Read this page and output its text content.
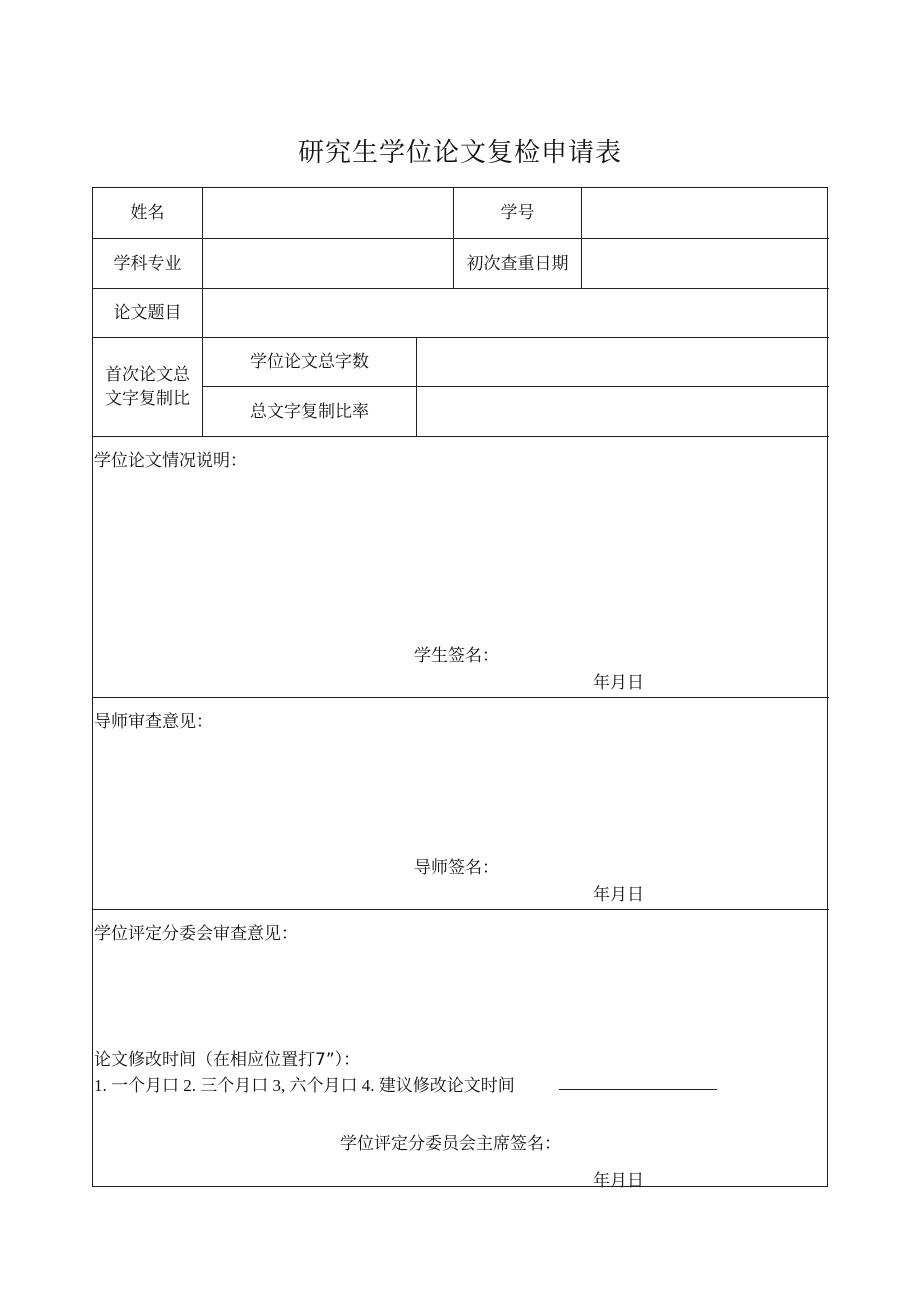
研究生学位论文复检申请表
姓名	学号
学科专业	初次查重日期
论文题目
首次论文总
文字复制比
学位论文总字数
总文字复制比率
学位论文情况说明：
学生签名：
年月日
导师审查意见：
导师签名：
年月日
学位评定分委会审查意见：
论文修改时间（在相应位置打7”）：
1. 一个月口 2. 三个月口 3, 六个月口 4. 建议修改论文时间
学位评定分委员会主席签名：
年月日
